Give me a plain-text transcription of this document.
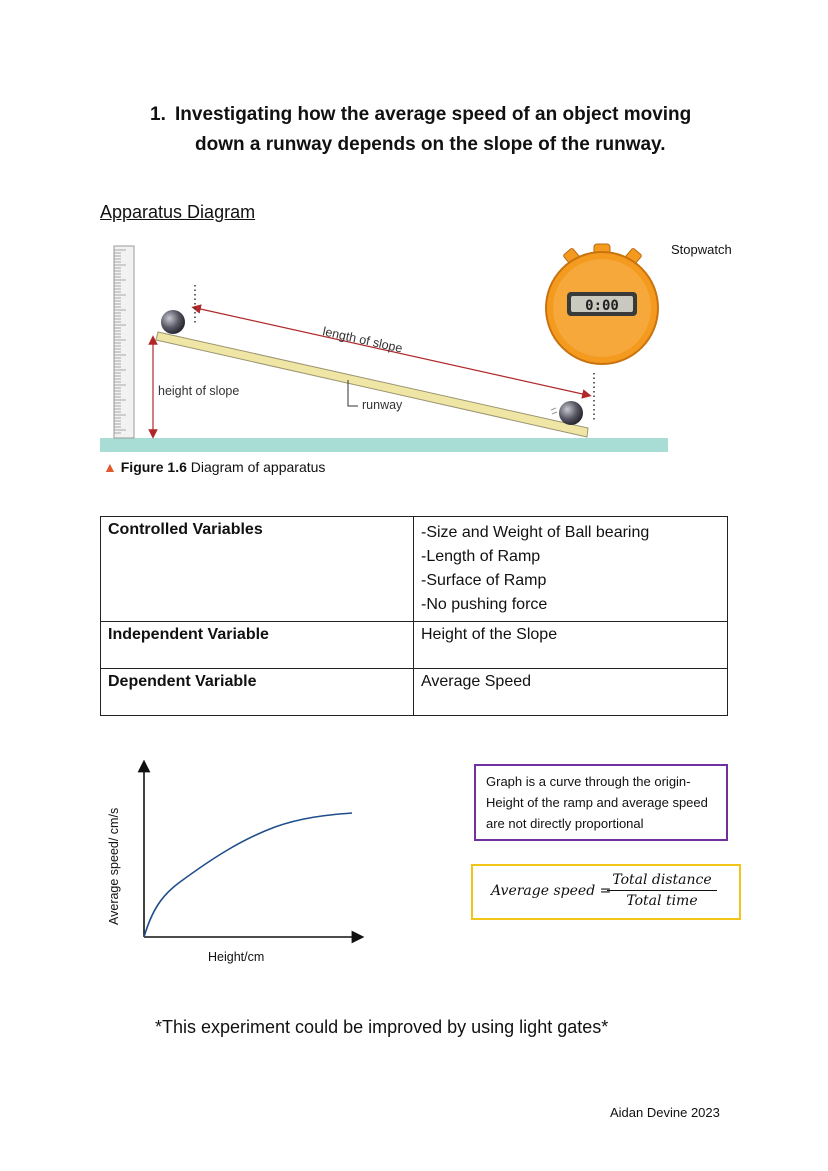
1. Investigating how the average speed of an object moving
down a runway depends on the slope of the runway.
Apparatus Diagram
Stopwatch
height of slope
runway
length of slope
0:00
▲ Figure 1.6 Diagram of apparatus
Controlled Variables	-Size and Weight of Ball bearing
-Length of Ramp
-Surface of Ramp
-No pushing force

Independent Variable	Height of the Slope
Dependent Variable	Average Speed
Average speed/ cm/s
Height/cm
Graph is a curve through the origin- Height of the ramp and average speed are not directly proportional
Average speed =
Total distance
Total time
*This experiment could be improved by using light gates*
Aidan Devine 2023
